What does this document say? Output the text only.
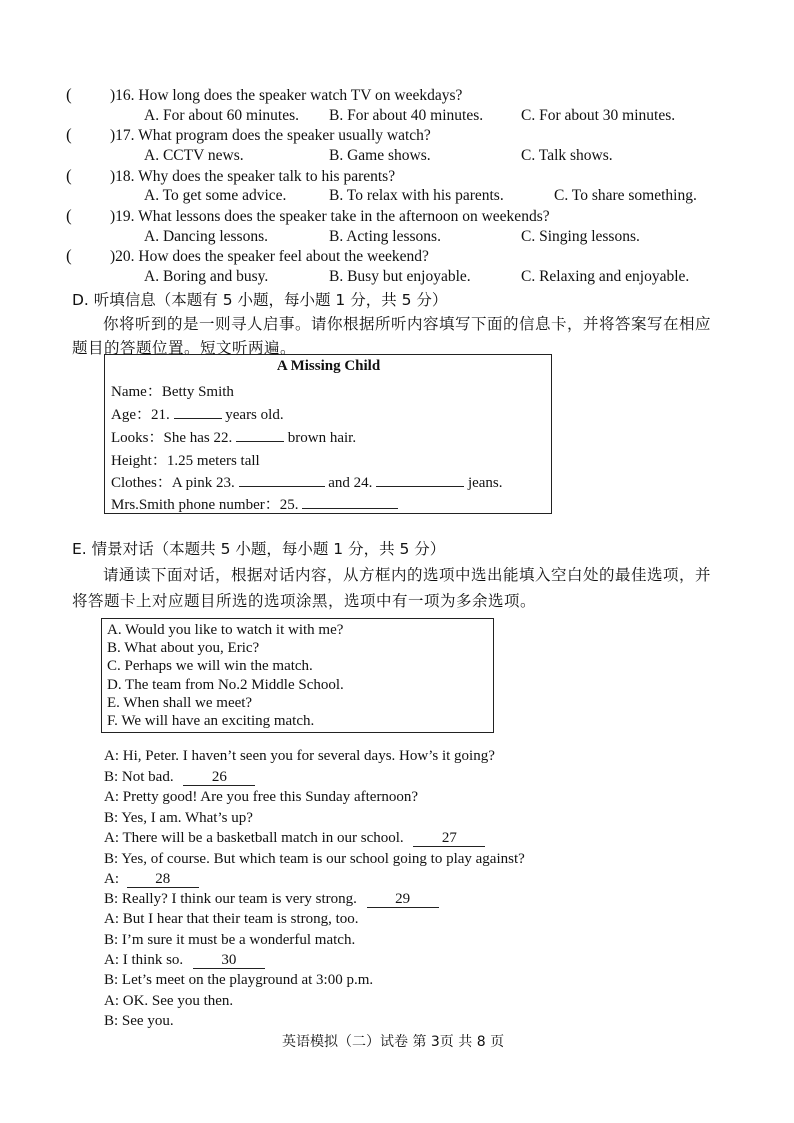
( )16. How long does the speaker watch TV on weekdays?
A. For about 60 minutes. B. For about 40 minutes. C. For about 30 minutes.
( )17. What program does the speaker usually watch?
A. CCTV news.	B. Game shows.	C. Talk shows.
( )18. Why does the speaker talk to his parents?
A. To get some advice.	B. To relax with his parents.	C. To share something.
( )19. What lessons does the speaker take in the afternoon on weekends?
A. Dancing lessons.	B. Acting lessons.	C. Singing lessons.
( )20. How does the speaker feel about the weekend?
A. Boring and busy.	B. Busy but enjoyable.	C. Relaxing and enjoyable.
D. 听填信息（本题有 5 小题，每小题 1 分，共 5 分）
你将听到的是一则寻人启事。请你根据所听内容填写下面的信息卡，并将答案写在相应
题目的答题位置。短文听两遍。
A Missing Child
Name：Betty Smith
Age：21.	years old.
Looks：She has 22.	brown hair.
Height：1.25 meters tall
Clothes：A pink 23.	and 24.	jeans.
Mrs.Smith phone number：25.
E. 情景对话（本题共 5 小题，每小题 1 分，共 5 分）
请通读下面对话，根据对话内容，从方框内的选项中选出能填入空白处的最佳选项，并
将答题卡上对应题目所选的选项涂黑，选项中有一项为多余选项。
A. Would you like to watch it with me?
B. What about you, Eric?
C. Perhaps we will win the match.
D. The team from No.2 Middle School.
E. When shall we meet?
F. We will have an exciting match.
A: Hi, Peter. I haven’t seen you for several days. How’s it going?
B: Not bad.	26
A: Pretty good! Are you free this Sunday afternoon?
B: Yes, I am. What’s up?
A: There will be a basketball match in our school.	27
B: Yes, of course. But which team is our school going to play against?
A: 28
B: Really? I think our team is very strong.	29
A: But I hear that their team is strong, too.
B: I’m sure it must be a wonderful match.
A: I think so.	30
B: Let’s meet on the playground at 3:00 p.m.
A: OK. See you then.
B: See you.
英语模拟（二）试卷 第 3页 共 8 页
